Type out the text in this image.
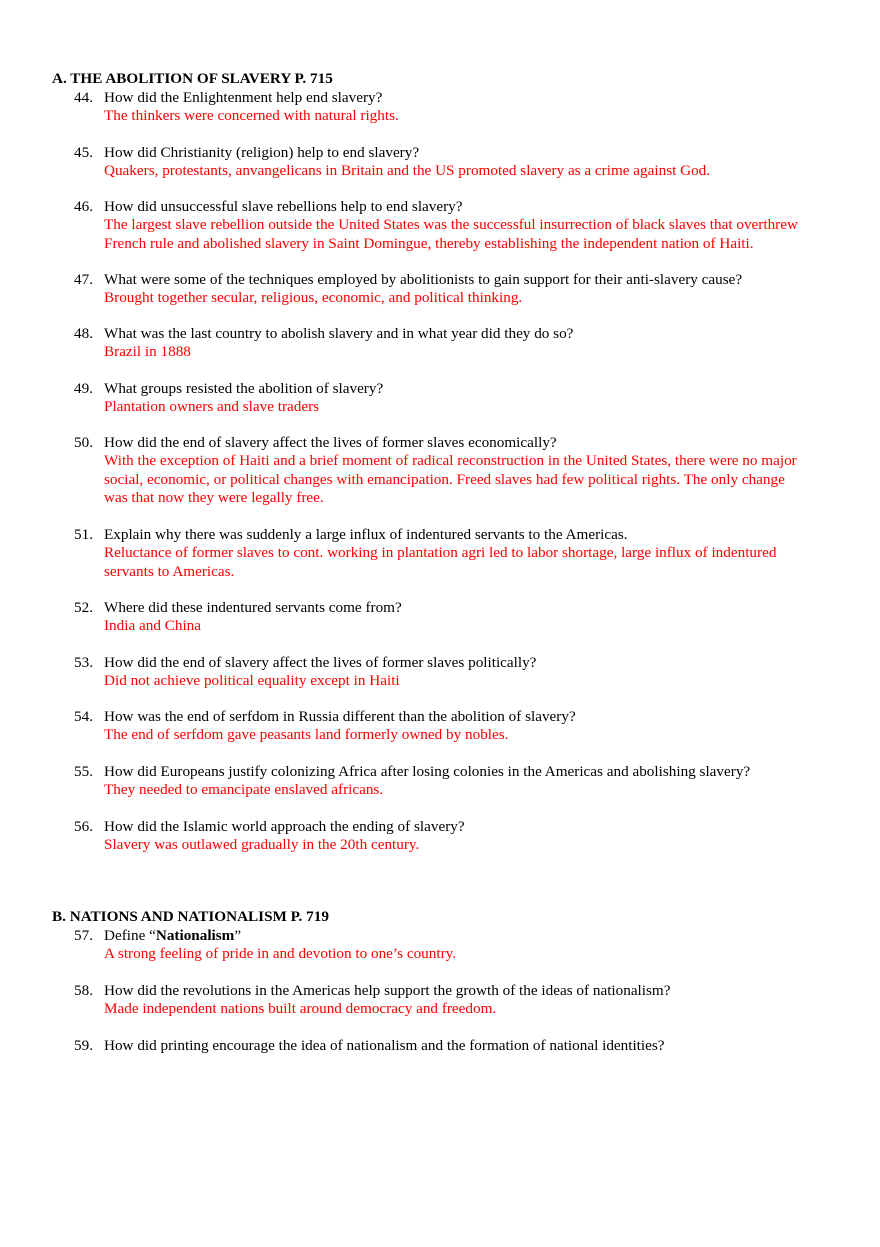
A. THE ABOLITION OF SLAVERY P. 715
44. How did the Enlightenment help end slavery?
The thinkers were concerned with natural rights.
45. How did Christianity (religion) help to end slavery?
Quakers, protestants, anvangelicans in Britain and the US promoted slavery as a crime against God.
46. How did unsuccessful slave rebellions help to end slavery?
The largest slave rebellion outside the United States was the successful insurrection of black slaves that overthrew
French rule and abolished slavery in Saint Domingue, thereby establishing the independent nation of Haiti.
47. What were some of the techniques employed by abolitionists to gain support for their anti-slavery cause?
Brought together secular, religious, economic, and political thinking.
48. What was the last country to abolish slavery and in what year did they do so?
Brazil in 1888
49. What groups resisted the abolition of slavery?
Plantation owners and slave traders
50. How did the end of slavery affect the lives of former slaves economically?
With the exception of Haiti and a brief moment of radical reconstruction in the United States, there were no major
social, economic, or political changes with emancipation. Freed slaves had few political rights. The only change
was that now they were legally free.
51. Explain why there was suddenly a large influx of indentured servants to the Americas.
Reluctance of former slaves to cont. working in plantation agri led to labor shortage, large influx of indentured
servants to Americas.
52. Where did these indentured servants come from?
India and China
53. How did the end of slavery affect the lives of former slaves politically?
Did not achieve political equality except in Haiti
54. How was the end of serfdom in Russia different than the abolition of slavery?
The end of serfdom gave peasants land formerly owned by nobles.
55. How did Europeans justify colonizing Africa after losing colonies in the Americas and abolishing slavery?
They needed to emancipate enslaved africans.
56. How did the Islamic world approach the ending of slavery?
Slavery was outlawed gradually in the 20th century.
B. NATIONS AND NATIONALISM P. 719
57. Define “Nationalism”
A strong feeling of pride in and devotion to one’s country.
58. How did the revolutions in the Americas help support the growth of the ideas of nationalism?
Made independent nations built around democracy and freedom.
59. How did printing encourage the idea of nationalism and the formation of national identities?
